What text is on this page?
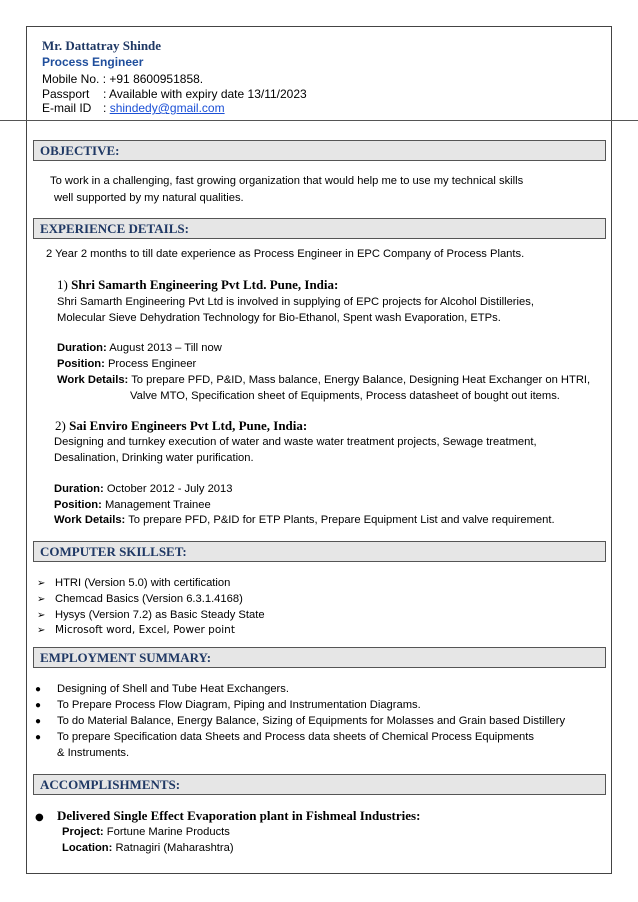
Mr. Dattatray Shinde
Process Engineer
Mobile No. : +91 8600951858.
Passport : Available with expiry date 13/11/2023
E-mail ID : shindedy@gmail.com
OBJECTIVE:
To work in a challenging, fast growing organization that would help me to use my technical skills
well supported by my natural qualities.
EXPERIENCE DETAILS:
2 Year 2 months to till date experience as Process Engineer in EPC Company of Process Plants.
1) Shri Samarth Engineering Pvt Ltd. Pune, India:
Shri Samarth Engineering Pvt Ltd is involved in supplying of EPC projects for Alcohol Distilleries,
Molecular Sieve Dehydration Technology for Bio-Ethanol, Spent wash Evaporation, ETPs.
Duration: August 2013 – Till now
Position: Process Engineer
Work Details: To prepare PFD, P&ID, Mass balance, Energy Balance, Designing Heat Exchanger on HTRI,
Valve MTO, Specification sheet of Equipments, Process datasheet of bought out items.
2) Sai Enviro Engineers Pvt Ltd, Pune, India:
Designing and turnkey execution of water and waste water treatment projects, Sewage treatment,
Desalination, Drinking water purification.
Duration: October 2012 - July 2013
Position: Management Trainee
Work Details: To prepare PFD, P&ID for ETP Plants, Prepare Equipment List and valve requirement.
COMPUTER SKILLSET:
➢ HTRI (Version 5.0) with certification
➢ Chemcad Basics (Version 6.3.1.4168)
➢ Hysys (Version 7.2) as Basic Steady State
➢ Microsoft word, Excel, Power point
EMPLOYMENT SUMMARY:
● Designing of Shell and Tube Heat Exchangers.
● To Prepare Process Flow Diagram, Piping and Instrumentation Diagrams.
● To do Material Balance, Energy Balance, Sizing of Equipments for Molasses and Grain based Distillery
● To prepare Specification data Sheets and Process data sheets of Chemical Process Equipments
& Instruments.
ACCOMPLISHMENTS:
● Delivered Single Effect Evaporation plant in Fishmeal Industries:
Project: Fortune Marine Products
Location: Ratnagiri (Maharashtra)
